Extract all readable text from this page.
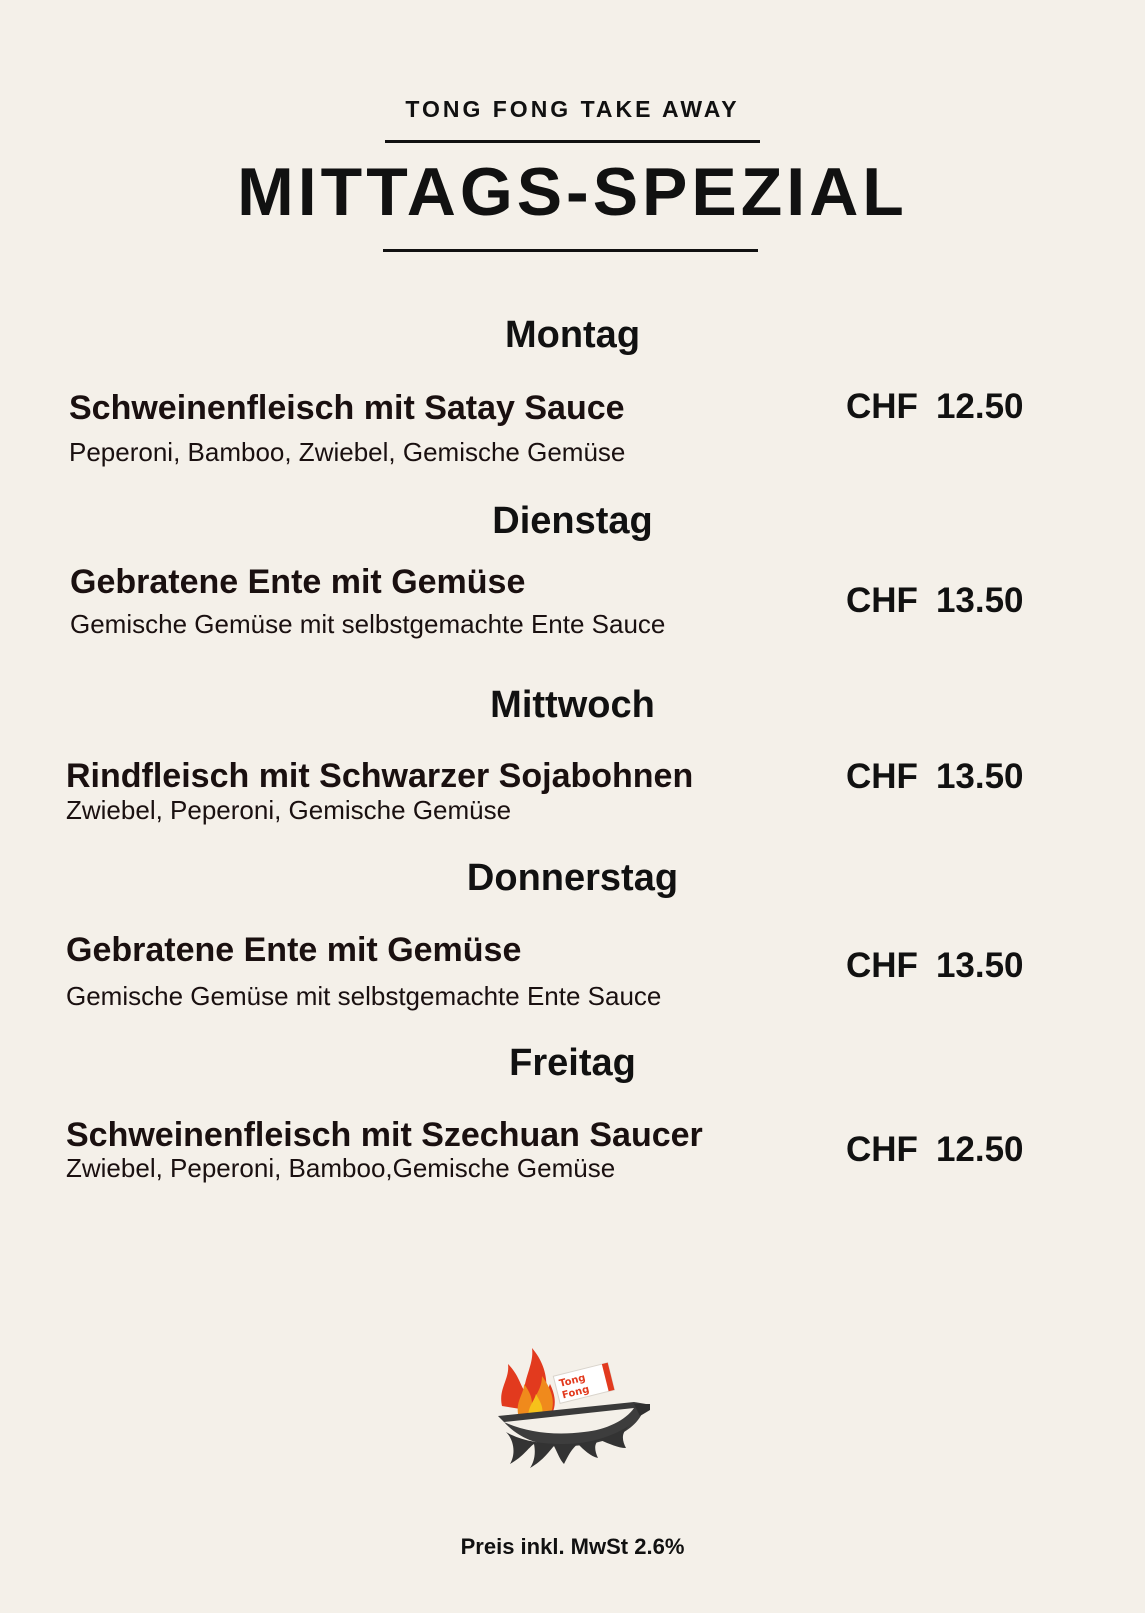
TONG FONG TAKE AWAY
MITTAGS-SPEZIAL
Montag
Schweinenfleisch mit Satay Sauce
Peperoni, Bamboo, Zwiebel, Gemische Gemüse
CHF 12.50
Dienstag
Gebratene Ente mit Gemüse
Gemische Gemüse mit selbstgemachte Ente Sauce
CHF 13.50
Mittwoch
Rindfleisch mit Schwarzer Sojabohnen
Zwiebel, Peperoni, Gemische Gemüse
CHF 13.50
Donnerstag
Gebratene Ente mit Gemüse
Gemische Gemüse mit selbstgemachte Ente Sauce
CHF 13.50
Freitag
Schweinenfleisch mit Szechuan Saucer
Zwiebel, Peperoni, Bamboo,Gemische Gemüse	CHF 12.50
Tong
Fong
Preis inkl. MwSt 2.6%
